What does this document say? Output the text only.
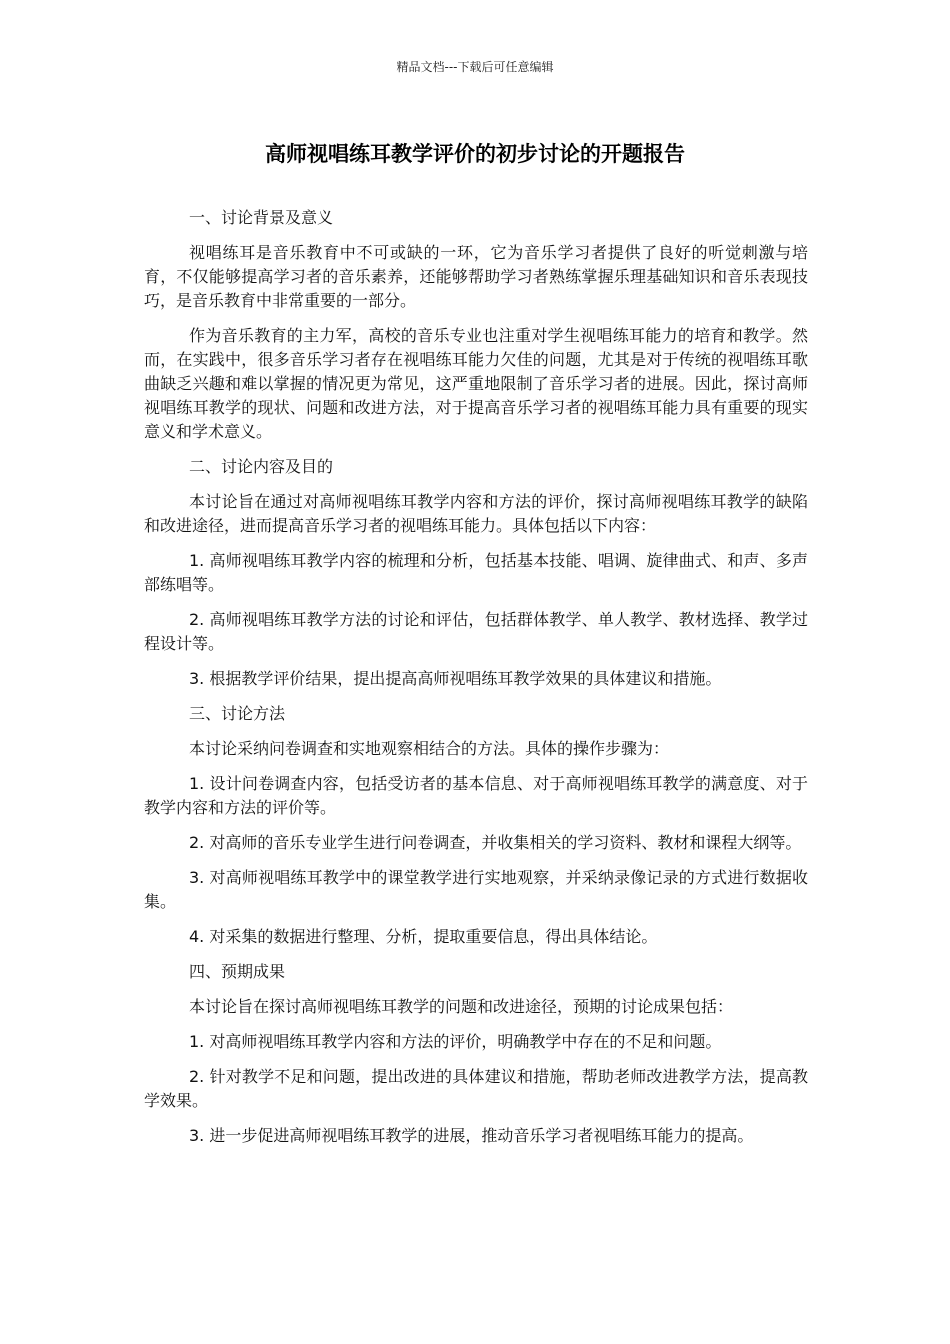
精品文档---下载后可任意编辑
高师视唱练耳教学评价的初步讨论的开题报告
一、讨论背景及意义

视唱练耳是音乐教育中不可或缺的一环，它为音乐学习者提供了良好的听觉刺激与培育，不仅能够提高学习者的音乐素养，还能够帮助学习者熟练掌握乐理基础知识和音乐表现技巧，是音乐教育中非常重要的一部分。

作为音乐教育的主力军，高校的音乐专业也注重对学生视唱练耳能力的培育和教学。然而，在实践中，很多音乐学习者存在视唱练耳能力欠佳的问题，尤其是对于传统的视唱练耳歌曲缺乏兴趣和难以掌握的情况更为常见，这严重地限制了音乐学习者的进展。因此，探讨高师视唱练耳教学的现状、问题和改进方法，对于提高音乐学习者的视唱练耳能力具有重要的现实意义和学术意义。

二、讨论内容及目的

本讨论旨在通过对高师视唱练耳教学内容和方法的评价，探讨高师视唱练耳教学的缺陷和改进途径，进而提高音乐学习者的视唱练耳能力。具体包括以下内容：

1. 高师视唱练耳教学内容的梳理和分析，包括基本技能、唱调、旋律曲式、和声、多声部练唱等。

2. 高师视唱练耳教学方法的讨论和评估，包括群体教学、单人教学、教材选择、教学过程设计等。

3. 根据教学评价结果，提出提高高师视唱练耳教学效果的具体建议和措施。

三、讨论方法

本讨论采纳问卷调查和实地观察相结合的方法。具体的操作步骤为：

1. 设计问卷调查内容，包括受访者的基本信息、对于高师视唱练耳教学的满意度、对于教学内容和方法的评价等。

2. 对高师的音乐专业学生进行问卷调查，并收集相关的学习资料、教材和课程大纲等。

3. 对高师视唱练耳教学中的课堂教学进行实地观察，并采纳录像记录的方式进行数据收集。

4. 对采集的数据进行整理、分析，提取重要信息，得出具体结论。

四、预期成果

本讨论旨在探讨高师视唱练耳教学的问题和改进途径，预期的讨论成果包括：

1. 对高师视唱练耳教学内容和方法的评价，明确教学中存在的不足和问题。

2. 针对教学不足和问题，提出改进的具体建议和措施，帮助老师改进教学方法，提高教学效果。

3. 进一步促进高师视唱练耳教学的进展，推动音乐学习者视唱练耳能力的提高。
